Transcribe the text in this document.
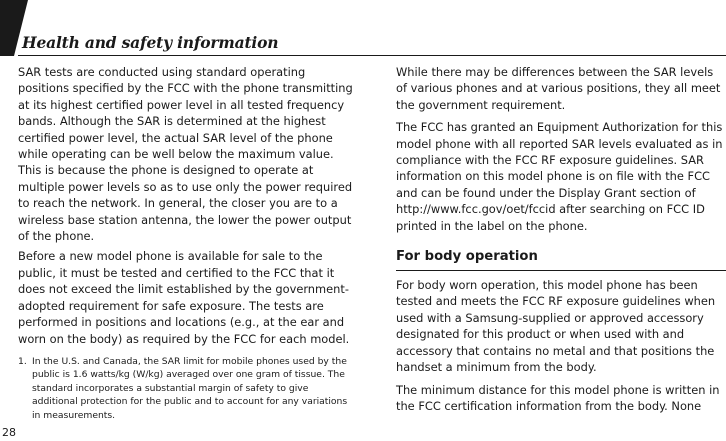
Health and safety information

SAR tests are conducted using standard operating positions specified by the FCC with the phone transmitting at its highest certified power level in all tested frequency bands. Although the SAR is determined at the highest certified power level, the actual SAR level of the phone while operating can be well below the maximum value. This is because the phone is designed to operate at multiple power levels so as to use only the power required to reach the network. In general, the closer you are to a wireless base station antenna, the lower the power output of the phone.

Before a new model phone is available for sale to the public, it must be tested and certified to the FCC that it does not exceed the limit established by the government-adopted requirement for safe exposure. The tests are performed in positions and locations (e.g., at the ear and worn on the body) as required by the FCC for each model.

1. In the U.S. and Canada, the SAR limit for mobile phones used by the public is 1.6 watts/kg (W/kg) averaged over one gram of tissue. The standard incorporates a substantial margin of safety to give additional protection for the public and to account for any variations in measurements.

While there may be differences between the SAR levels of various phones and at various positions, they all meet the government requirement.

The FCC has granted an Equipment Authorization for this model phone with all reported SAR levels evaluated as in compliance with the FCC RF exposure guidelines. SAR information on this model phone is on file with the FCC and can be found under the Display Grant section of http://www.fcc.gov/oet/fccid after searching on FCC ID printed in the label on the phone.

For body operation

For body worn operation, this model phone has been tested and meets the FCC RF exposure guidelines when used with a Samsung-supplied or approved accessory designated for this product or when used with and accessory that contains no metal and that positions the handset a minimum from the body.

The minimum distance for this model phone is written in the FCC certification information from the body. None

28
